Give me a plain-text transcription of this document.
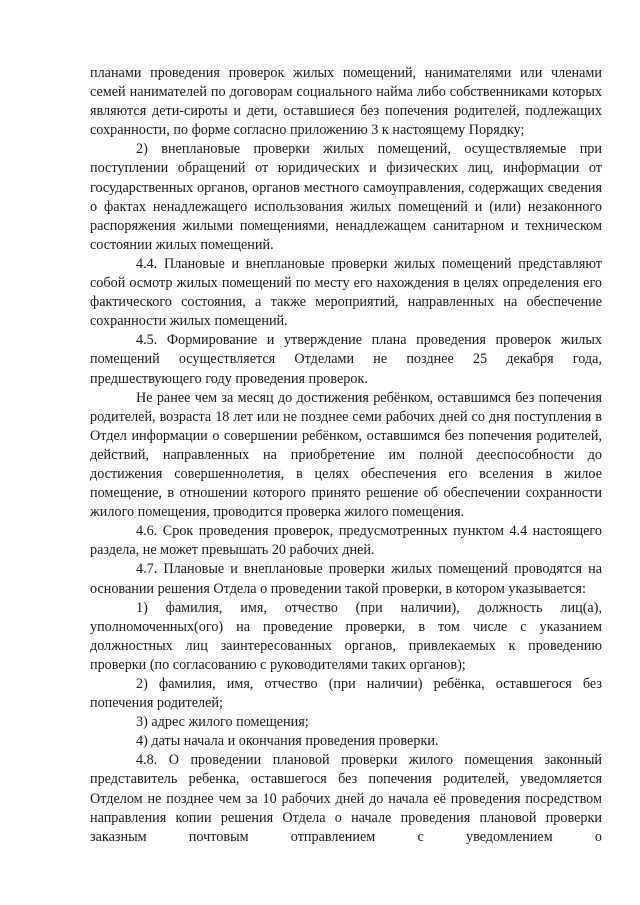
планами проведения проверок жилых помещений, нанимателями или членами семей нанимателей по договорам социального найма либо собственниками которых являются дети-сироты и дети, оставшиеся без попечения родителей, подлежащих сохранности, по форме согласно приложению 3 к настоящему Порядку;

2) внеплановые проверки жилых помещений, осуществляемые при поступлении обращений от юридических и физических лиц, информации от государственных органов, органов местного самоуправления, содержащих сведения о фактах ненадлежащего использования жилых помещений и (или) незаконного распоряжения жилыми помещениями, ненадлежащем санитарном и техническом состоянии жилых помещений.

4.4. Плановые и внеплановые проверки жилых помещений представляют собой осмотр жилых помещений по месту его нахождения в целях определения его фактического состояния, а также мероприятий, направленных на обеспечение сохранности жилых помещений.

4.5. Формирование и утверждение плана проведения проверок жилых помещений осуществляется Отделами не позднее 25 декабря года, предшествующего году проведения проверок.

Не ранее чем за месяц до достижения ребёнком, оставшимся без попечения родителей, возраста 18 лет или не позднее семи рабочих дней со дня поступления в Отдел информации о совершении ребёнком, оставшимся без попечения родителей, действий, направленных на приобретение им полной дееспособности до достижения совершеннолетия, в целях обеспечения его вселения в жилое помещение, в отношении которого принято решение об обеспечении сохранности жилого помещения, проводится проверка жилого помещения.

4.6. Срок проведения проверок, предусмотренных пунктом 4.4 настоящего раздела, не может превышать 20 рабочих дней.

4.7. Плановые и внеплановые проверки жилых помещений проводятся на основании решения Отдела о проведении такой проверки, в котором указывается:

1) фамилия, имя, отчество (при наличии), должность лиц(а), уполномоченных(ого) на проведение проверки, в том числе с указанием должностных лиц заинтересованных органов, привлекаемых к проведению проверки (по согласованию с руководителями таких органов);

2) фамилия, имя, отчество (при наличии) ребёнка, оставшегося без попечения родителей;

3) адрес жилого помещения;

4) даты начала и окончания проведения проверки.

4.8. О проведении плановой проверки жилого помещения законный представитель ребенка, оставшегося без попечения родителей, уведомляется Отделом не позднее чем за 10 рабочих дней до начала её проведения посредством направления копии решения Отдела о начале проведения плановой проверки заказным почтовым отправлением с уведомлением о
